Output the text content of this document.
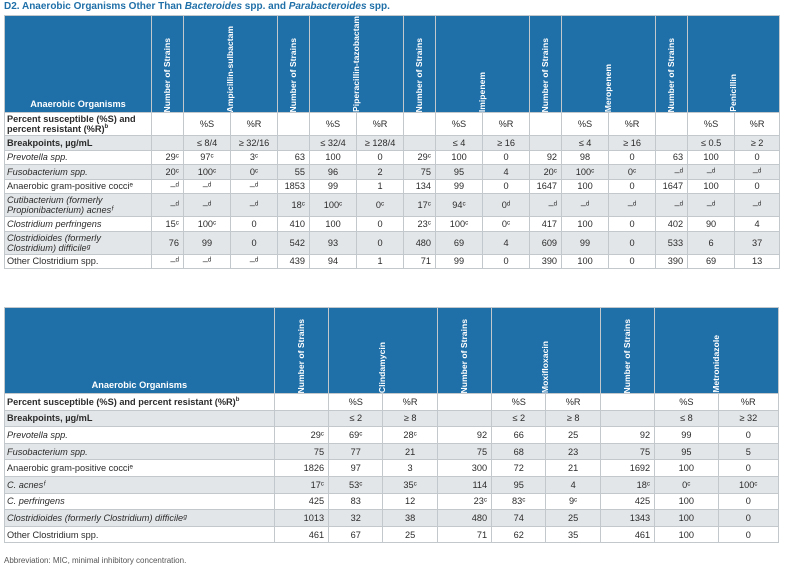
D2. Anaerobic Organisms Other Than Bacteroides spp. and Parabacteroides spp.
Anaerobic Organisms	Number of Strains	Ampicillin-sulbactam		Number of Strains	Piperacillin-tazobactam		Number of Strains	Imipenem		Number of Strains	Meropenem		Number of Strains	Penicillin	

Percent susceptible (%S) and percent resistant $(\%R)^b$		%S	%R		%S	%R		%S	%R		%S	%R		%S	%R
Breakpoints, µg/mL		≤ 8/4	≥ 32/16		≤ 32/4	≥ 128/4		≤ 4	≥ 16		≤ 4	≥ 16		≤ 0.5	≥ 2
Prevotella spp.	29ᶜ	97ᶜ	3ᶜ	63	100	0	29ᶜ	100	0	92	98	0	63	100	0
Fusobacterium spp.	20ᶜ	100ᶜ	0ᶜ	55	96	2	75	95	4	20ᶜ	100ᶜ	0ᶜ	–ᵈ	–ᵈ	–ᵈ
Anaerobic gram-positive cocciᵉ	–ᵈ	–ᵈ	–ᵈ	1853	99	1	134	99	0	1647	100	0	1647	100	0
Cutibacterium (formerly Propionibacterium) acnesᶠ	–ᵈ	–ᵈ	–ᵈ	18ᶜ	100ᶜ	0ᶜ	17ᶜ	94ᶜ	0ᵈ	–ᵈ	–ᵈ	–ᵈ	–ᵈ	–ᵈ	–ᵈ
Clostridium perfringens	15ᶜ	100ᶜ	0	410	100	0	23ᶜ	100ᶜ	0ᶜ	417	100	0	402	90	4
Clostridioides (formerly Clostridium) difficileᵍ	76	99	0	542	93	0	480	69	4	609	99	0	533	6	37
Other Clostridium spp.	–ᵈ	–ᵈ	–ᵈ	439	94	1	71	99	0	390	100	0	390	69	13
Anaerobic Organisms	Number of Strains	Clindamycin		Number of Strains	Moxifloxacin		Number of Strains	Metronidazole	

Percent susceptible (%S) and percent resistant $(\%R)^b$		%S	%R		%S	%R		%S	%R
Breakpoints, µg/mL		≤ 2	≥ 8		≤ 2	≥ 8		≤ 8	≥ 32
Prevotella spp.	29ᶜ	69ᶜ	28ᶜ	92	66	25	92	99	0
Fusobacterium spp.	75	77	21	75	68	23	75	95	5
Anaerobic gram-positive cocciᵉ	1826	97	3	300	72	21	1692	100	0
C. acnesᶠ	17ᶜ	53ᶜ	35ᶜ	114	95	4	18ᶜ	0ᶜ	100ᶜ
C. perfringens	425	83	12	23ᶜ	83ᶜ	9ᶜ	425	100	0
Clostridioides (formerly Clostridium) difficileᵍ	1013	32	38	480	74	25	1343	100	0
Other Clostridium spp.	461	67	25	71	62	35	461	100	0
Abbreviation: MIC, minimal inhibitory concentration.
